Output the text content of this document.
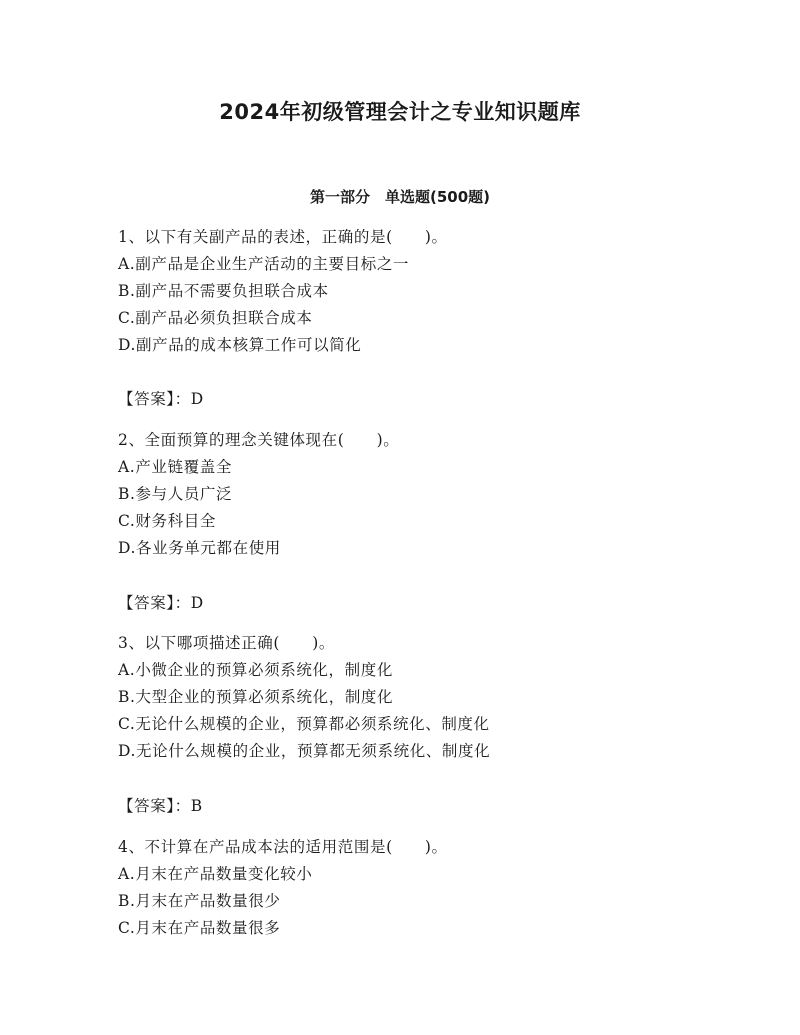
2024年初级管理会计之专业知识题库
第一部分　单选题(500题)
1、以下有关副产品的表述，正确的是(　　)。
A.副产品是企业生产活动的主要目标之一
B.副产品不需要负担联合成本
C.副产品必须负担联合成本
D.副产品的成本核算工作可以简化
【答案】：D
2、全面预算的理念关键体现在(　　)。
A.产业链覆盖全
B.参与人员广泛
C.财务科目全
D.各业务单元都在使用
【答案】：D
3、以下哪项描述正确(　　)。
A.小微企业的预算必须系统化，制度化
B.大型企业的预算必须系统化，制度化
C.无论什么规模的企业，预算都必须系统化、制度化
D.无论什么规模的企业，预算都无须系统化、制度化
【答案】：B
4、不计算在产品成本法的适用范围是(　　)。
A.月末在产品数量变化较小
B.月末在产品数量很少
C.月末在产品数量很多
